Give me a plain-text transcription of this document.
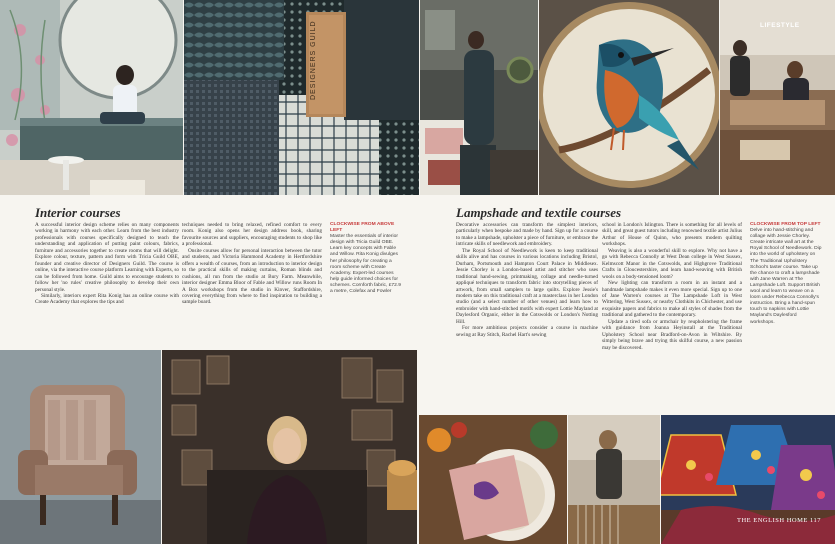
DESIGNERS GUILD	LIFESTYLE
Interior courses

A successful interior design scheme relies on many components working in harmony with each other. Learn from the best industry professionals with courses specifically designed to teach the understanding and application of putting paint colours, fabrics, furniture and accessories together to create rooms that will delight. Explore colour, texture, pattern and form with Tricia Guild OBE, founder and creative director of Designers Guild. The course is online, via the interactive course platform Learning with Experts, so can be followed from home. Guild aims to encourage students to follow her 'no rules' creative philosophy to develop their own personal style.

Similarly, interiors expert Rita Konig has an online course with Create Academy that explores the tips and

techniques needed to bring relaxed, refined comfort to every room. Konig also opens her design address book, sharing favourite sources and suppliers, encouraging students to shop like a professional.

Onsite courses allow for personal interaction between the tutor and students, and Victoria Hammond Academy in Hertfordshire offers a wealth of courses, from an introduction to interior design to the practical skills of making curtains, Roman blinds and cushions, all run from the studio at Bury Farm. Meanwhile, interior designer Emma Bloor of Fable and Willow runs Room In A Box workshops from the studio in Kinver, Staffordshire, covering everything from where to find inspiration to building a sample board.

CLOCKWISE FROM ABOVE LEFT
Master the essentials of interior design with Tricia Guild OBE. Learn key concepts with Fable and Willow. Rita Konig divulges her philosophy for creating a room scheme with Create Academy. Expert-led courses help guide informed choices for schemes. Cornforth fabric, £72.9 a metre, Colefax and Fowler
Lampshade and textile courses

Decorative accessories can transform the simplest interiors, particularly when bespoke and made by hand. Sign up for a course to make a lampshade, upholster a piece of furniture, or embrace the intricate skills of needlework and embroidery.

The Royal School of Needlework is keen to keep traditional skills alive and has courses in various locations including Bristol, Durham, Portsmouth and Hampton Court Palace in Middlesex. Jessie Chorley is a London-based artist and stitcher who uses traditional hand-sewing, printmaking, collage and needle-turned appliqué techniques to transform fabric into storytelling pieces of artwork, from small samplers to large quilts. Explore Jessie's modern take on this traditional craft at a masterclass in her London studio (and a select number of other venues) and learn how to embroider with hand-stitched motifs with expert Lottie Mayland at Daylesford Organic, either in the Cotswolds or London's Notting Hill.

For more ambitious projects consider a course in machine sewing at Ray Stitch, Rachel Hart's sewing

school in London's Islington. There is something for all levels of skill, and great guest tutors including renowned textile artist Julius Arthur of House of Quinn, who presents modern quilting workshops.

Weaving is also a wonderful skill to explore. Why not have a go with Rebecca Connolly at West Dean college in West Sussex, Kelmscott Manor in the Cotswolds, and Highgrove Traditional Crafts in Gloucestershire, and learn hand-weaving with British wools on a body-tensioned loom?

New lighting can transform a room in an instant and a handmade lampshade makes it even more special. Sign up to one of Jane Warren's courses at The Lampshade Loft in West Wittering, West Sussex, or nearby Clothkits in Chichester, and use exquisite papers and fabrics to make all styles of shades from the traditional and gathered to the contemporary.

Update a tired sofa or armchair by reupholstering the frame with guidance from Joanna Heyinstall at the Traditional Upholstery School near Bradford-on-Avon in Wiltshire. By simply being brave and trying this skilful course, a new passion may be discovered.

CLOCKWISE FROM TOP LEFT
Delve into hand-stitching and collage with Jessie Chorley. Create intricate wall art at the Royal School of Needlework. Dip into the world of upholstery on The Traditional Upholstery School's taster course. Take up the chance to craft a lampshade with Jane Warren at The Lampshade Loft. Support British wool and learn to weave on a loom under Rebecca Connolly's instruction. Bring a hand-spun touch to napkins with Lottie Mayland's Daylesford workshops.
THE ENGLISH HOME 117
